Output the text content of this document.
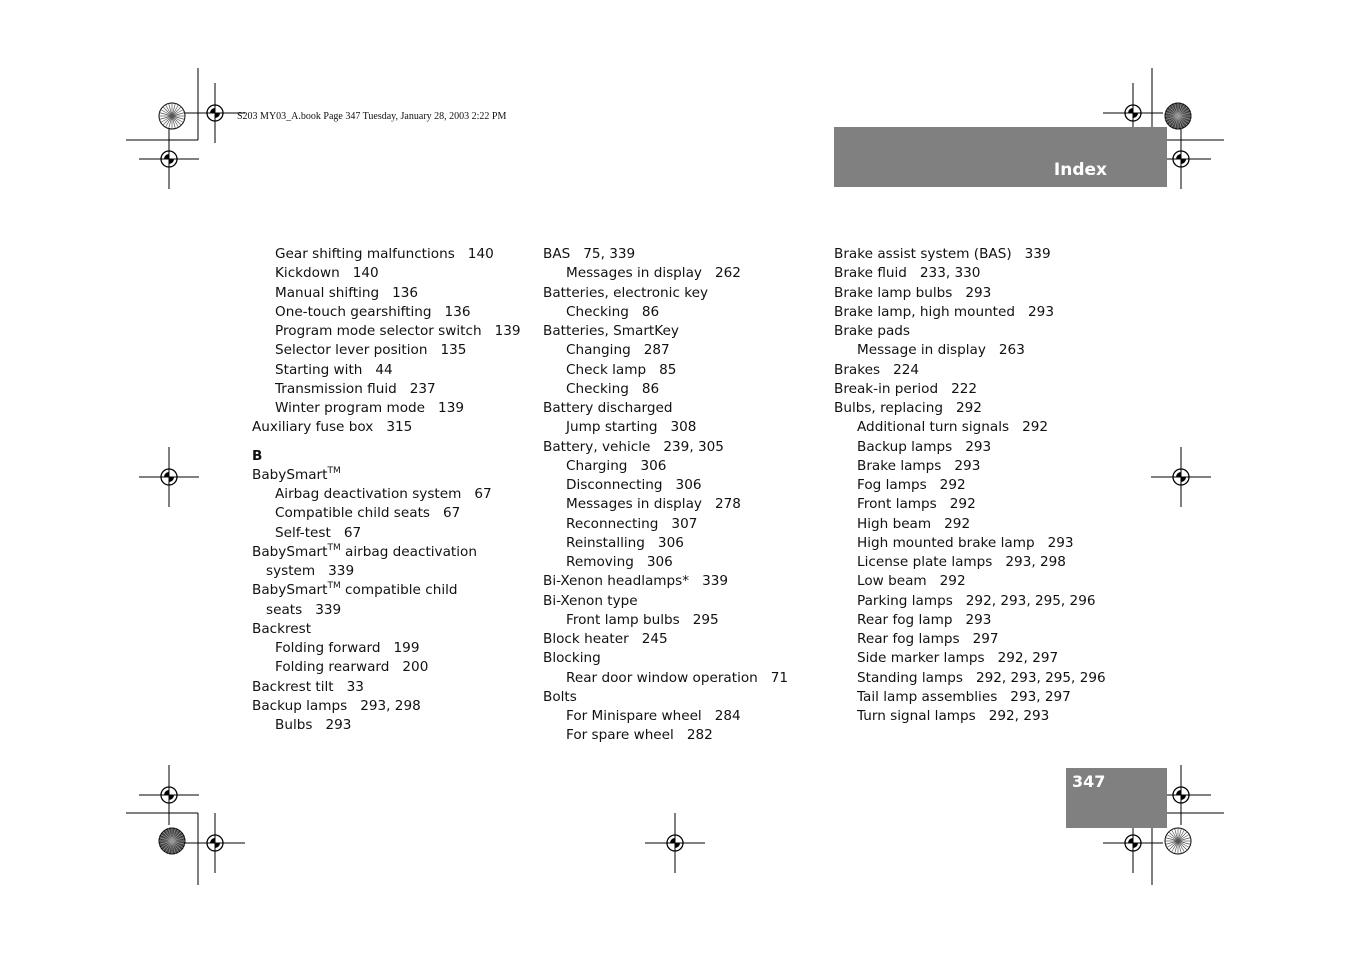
S203 MY03_A.book Page 347 Tuesday, January 28, 2003 2:22 PM
Index
347
Gear shifting malfunctions 140
Kickdown 140
Manual shifting 136
One-touch gearshifting 136
Program mode selector switch 139
Selector lever position 135
Starting with 44
Transmission fluid 237
Winter program mode 139
Auxiliary fuse box 315
B
BabySmart™
Airbag deactivation system 67
Compatible child seats 67
Self-test 67
BabySmart™ airbag deactivation
system 339
BabySmart™ compatible child
seats 339
Backrest
Folding forward 199
Folding rearward 200
Backrest tilt 33
Backup lamps 293, 298
Bulbs 293
BAS 75, 339
Messages in display 262
Batteries, electronic key
Checking 86
Batteries, SmartKey
Changing 287
Check lamp 85
Checking 86
Battery discharged
Jump starting 308
Battery, vehicle 239, 305
Charging 306
Disconnecting 306
Messages in display 278
Reconnecting 307
Reinstalling 306
Removing 306
Bi-Xenon headlamps* 339
Bi-Xenon type
Front lamp bulbs 295
Block heater 245
Blocking
Rear door window operation 71
Bolts
For Minispare wheel 284
For spare wheel 282
Brake assist system (BAS) 339
Brake fluid 233, 330
Brake lamp bulbs 293
Brake lamp, high mounted 293
Brake pads
Message in display 263
Brakes 224
Break-in period 222
Bulbs, replacing 292
Additional turn signals 292
Backup lamps 293
Brake lamps 293
Fog lamps 292
Front lamps 292
High beam 292
High mounted brake lamp 293
License plate lamps 293, 298
Low beam 292
Parking lamps 292, 293, 295, 296
Rear fog lamp 293
Rear fog lamps 297
Side marker lamps 292, 297
Standing lamps 292, 293, 295, 296
Tail lamp assemblies 293, 297
Turn signal lamps 292, 293
